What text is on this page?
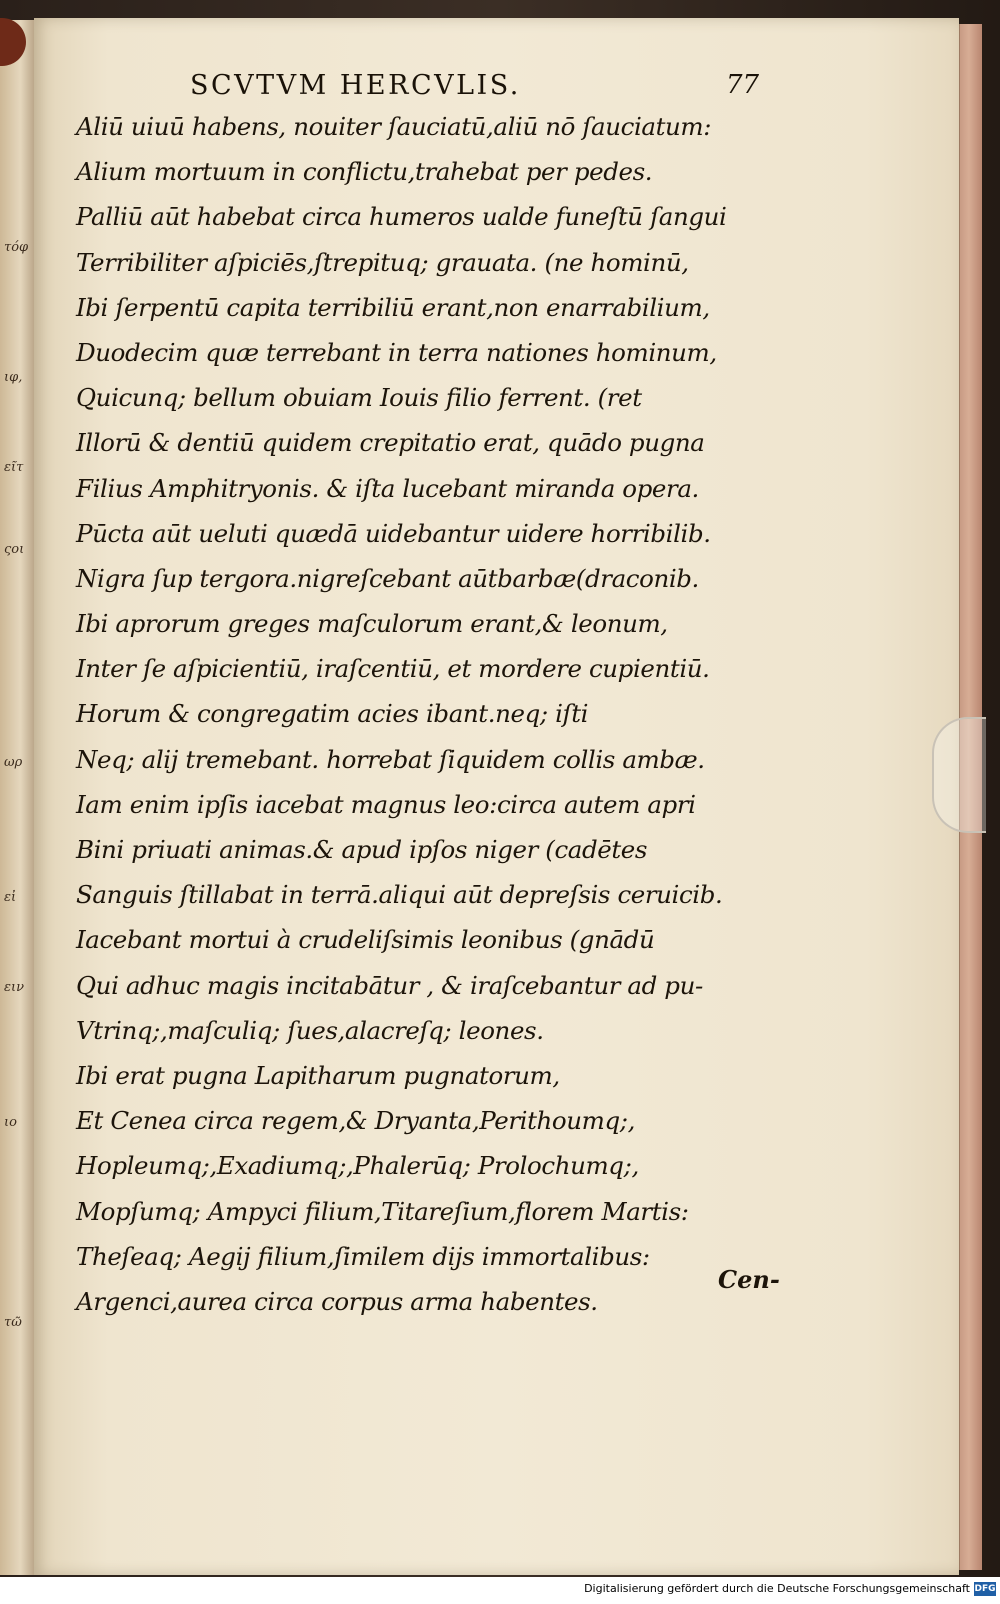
τόφ
ιφ,
εῖτ
ςοι
ωρ
εἰ
ειν
ιο
τῶ
SCVTVM HERCVLIS.	77
Aliū uiuū habens, nouiter ſauciatū,aliū nō ſauciatum:
Alium mortuum in conflictu,trahebat per pedes.
Palliū aūt habebat circa humeros ualde funeſtū ſangui
Terribiliter aſpiciēs,ſtrepituq; grauata. (ne hominū,
Ibi ſerpentū capita terribiliū erant,non enarrabilium,
Duodecim quæ terrebant in terra nationes hominum,
Quicunq; bellum obuiam Iouis filio ferrent. (ret
Illorū & dentiū quidem crepitatio erat, quādo pugna
Filius Amphitryonis. & iſta lucebant miranda opera.
Pūcta aūt ueluti quædā uidebantur uidere horribilib.
Nigra ſup tergora.nigreſcebant aūtbarbæ(draconib.
Ibi aprorum greges maſculorum erant,& leonum,
Inter ſe aſpicientiū, iraſcentiū, et mordere cupientiū.
Horum & congregatim acies ibant.neq; iſti
Neq; alij tremebant. horrebat ſiquidem collis ambæ.
Iam enim ipſis iacebat magnus leo:circa autem apri
Bini priuati animas.& apud ipſos niger (cadētes
Sanguis ſtillabat in terrā.aliqui aūt depreſsis ceruicib.
Iacebant mortui à crudeliſsimis leonibus (gnādū
Qui adhuc magis incitabātur , & iraſcebantur ad pu-
Vtrinq;,maſculiq; ſues,alacreſq; leones.
Ibi erat pugna Lapitharum pugnatorum,
Et Cenea circa regem,& Dryanta,Perithoumq;,
Hopleumq;,Exadiumq;,Phalerūq; Prolochumq;,
Mopſumq; Ampyci filium,Titareſium,florem Martis:
Theſeaq; Aegij filium,ſimilem dijs immortalibus:
Argenci,aurea circa corpus arma habentes.
Cen-
Digitalisierung gefördert durch die Deutsche Forschungsgemeinschaft DFG
